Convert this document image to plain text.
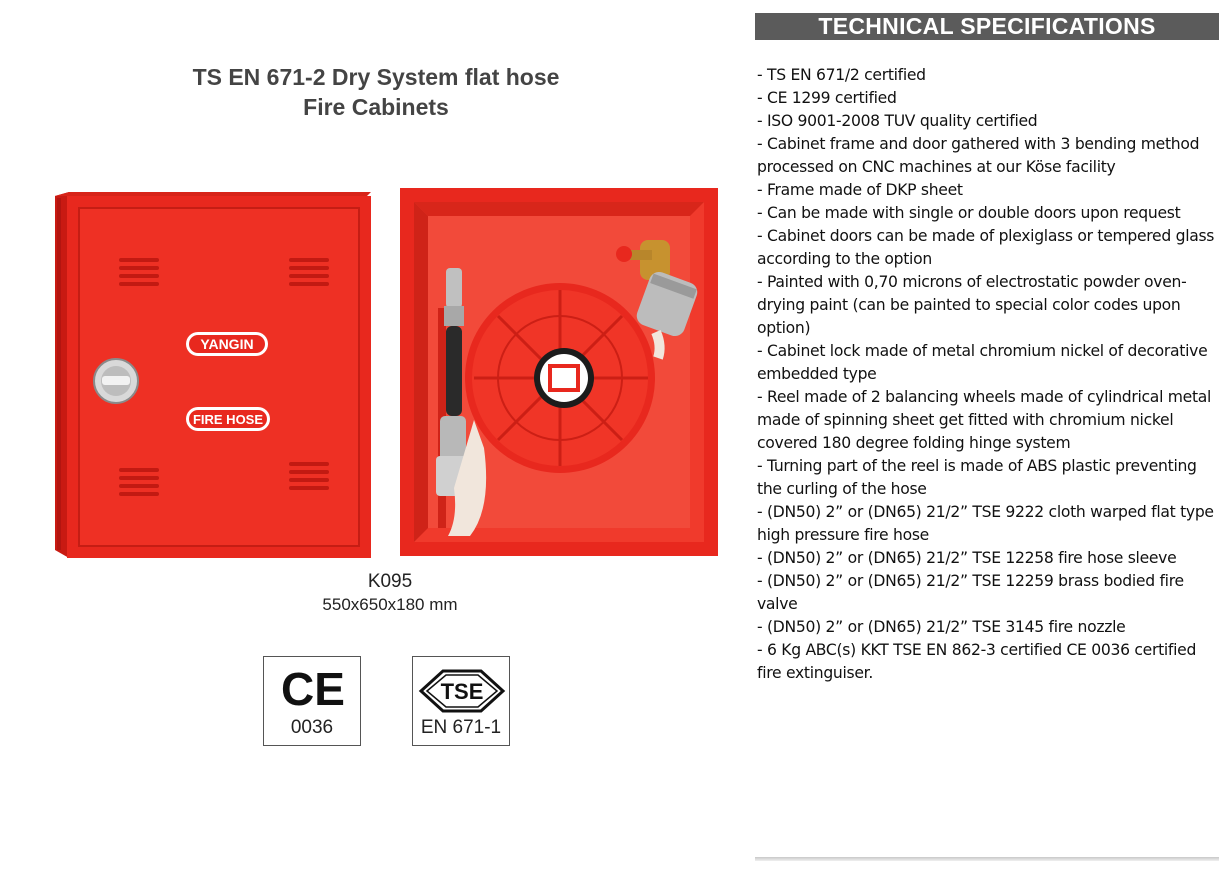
TS EN 671-2 Dry System flat hose
Fire Cabinets
YANGIN
FIRE HOSE
K095
550x650x180 mm
CE
0036
TSE
EN 671-1
TECHNICAL SPECIFICATIONS
- TS EN 671/2 certified
- CE 1299 certified
- ISO 9001-2008 TUV quality certified
- Cabinet frame and door gathered with 3 bending method processed on CNC machines at our Köse facility
- Frame made of DKP sheet
- Can be made with single or double doors upon request
- Cabinet doors can be made of plexiglass or tempered glass according to the option
- Painted with 0,70 microns of electrostatic powder oven-drying paint (can be painted to special color codes upon option)
- Cabinet lock made of metal chromium nickel of decorative embedded type
- Reel made of 2 balancing wheels made of cylindrical metal made of spinning sheet get fitted with chromium nickel covered 180 degree folding hinge system
- Turning part of the reel is made of ABS plastic preventing the curling of the hose
- (DN50) 2” or (DN65) 21/2” TSE 9222 cloth warped flat type high pressure fire hose
- (DN50) 2” or (DN65) 21/2” TSE 12258 fire hose sleeve
- (DN50) 2” or (DN65) 21/2” TSE 12259 brass bodied fire valve
- (DN50) 2” or (DN65) 21/2” TSE 3145 fire nozzle
- 6 Kg ABC(s) KKT TSE EN 862-3 certified CE 0036 certified fire extinguiser.
